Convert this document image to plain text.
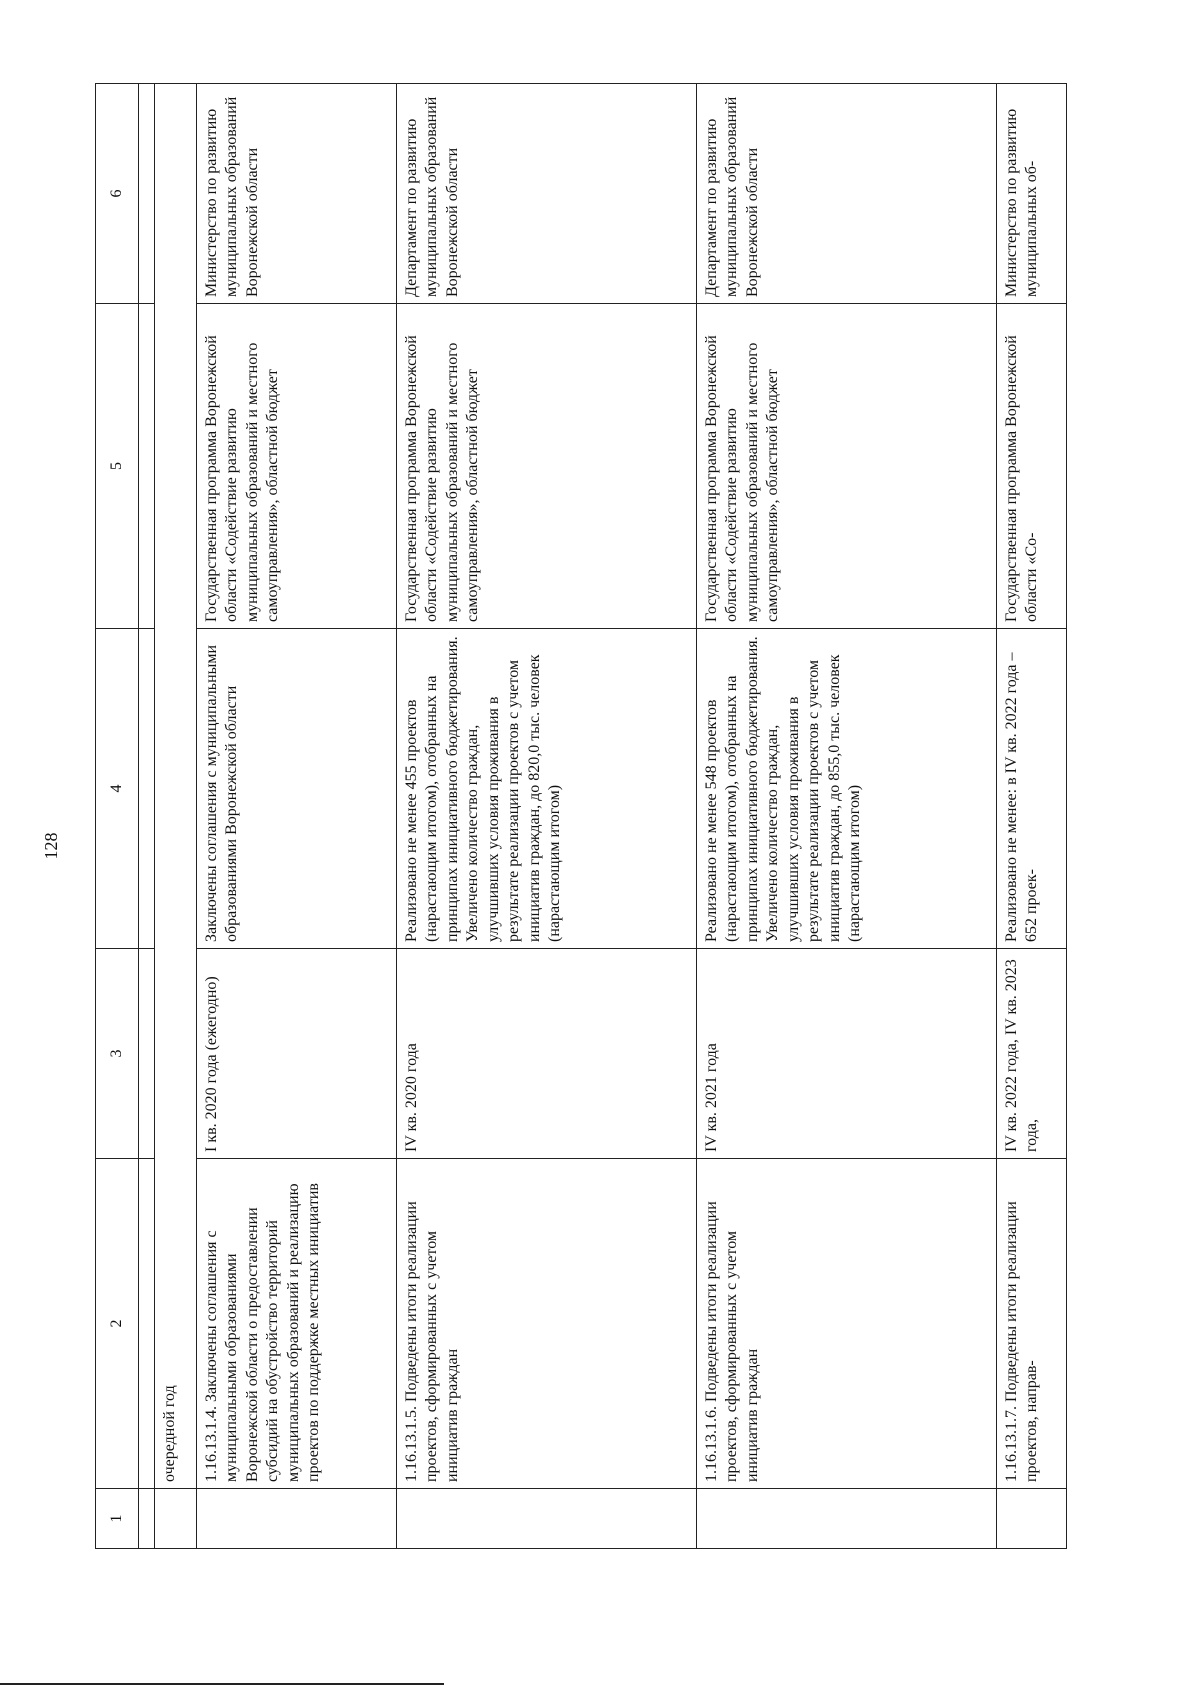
128
1	2	3	4	5	6

	очередной год				
	1.16.13.1.4. Заключены соглашения с муниципальными образованиями Воронежской области о предоставлении субсидий на обустройство территорий муниципальных образований и реализацию проектов по поддержке местных инициатив	I кв. 2020 года (ежегодно)	Заключены соглашения с муниципальными образованиями Воронежской области	Государственная программа Воронежской области «Содействие развитию муниципальных образований и местного самоуправления», областной бюджет	Министерство по развитию муниципальных образований Воронежской области
	1.16.13.1.5. Подведены итоги реализации проектов, сформированных с учетом инициатив граждан	IV кв. 2020 года	Реализовано не менее 455 проектов (нарастающим итогом), отобранных на принципах инициативного бюджетирования. Увеличено количество граждан, улучшивших условия проживания в результате реализации проектов с учетом инициатив граждан, до 820,0 тыс. человек (нарастающим итогом)	Государственная программа Воронежской области «Содействие развитию муниципальных образований и местного самоуправления», областной бюджет	Департамент по развитию муниципальных образований Воронежской области
	1.16.13.1.6. Подведены итоги реализации проектов, сформированных с учетом инициатив граждан	IV кв. 2021 года	Реализовано не менее 548 проектов (нарастающим итогом), отобранных на принципах инициативного бюджетирования. Увеличено количество граждан, улучшивших условия проживания в результате реализации проектов с учетом инициатив граждан, до 855,0 тыс. человек (нарастающим итогом)	Государственная программа Воронежской области «Содействие развитию муниципальных образований и местного самоуправления», областной бюджет	Департамент по развитию муниципальных образований Воронежской области
	1.16.13.1.7. Подведены итоги реализации проектов, направ-	IV кв. 2022 года, IV кв. 2023 года,	Реализовано не менее: в IV кв. 2022 года – 652 проек-	Государственная программа Воронежской области «Со-	Министерство по развитию муниципальных об-
